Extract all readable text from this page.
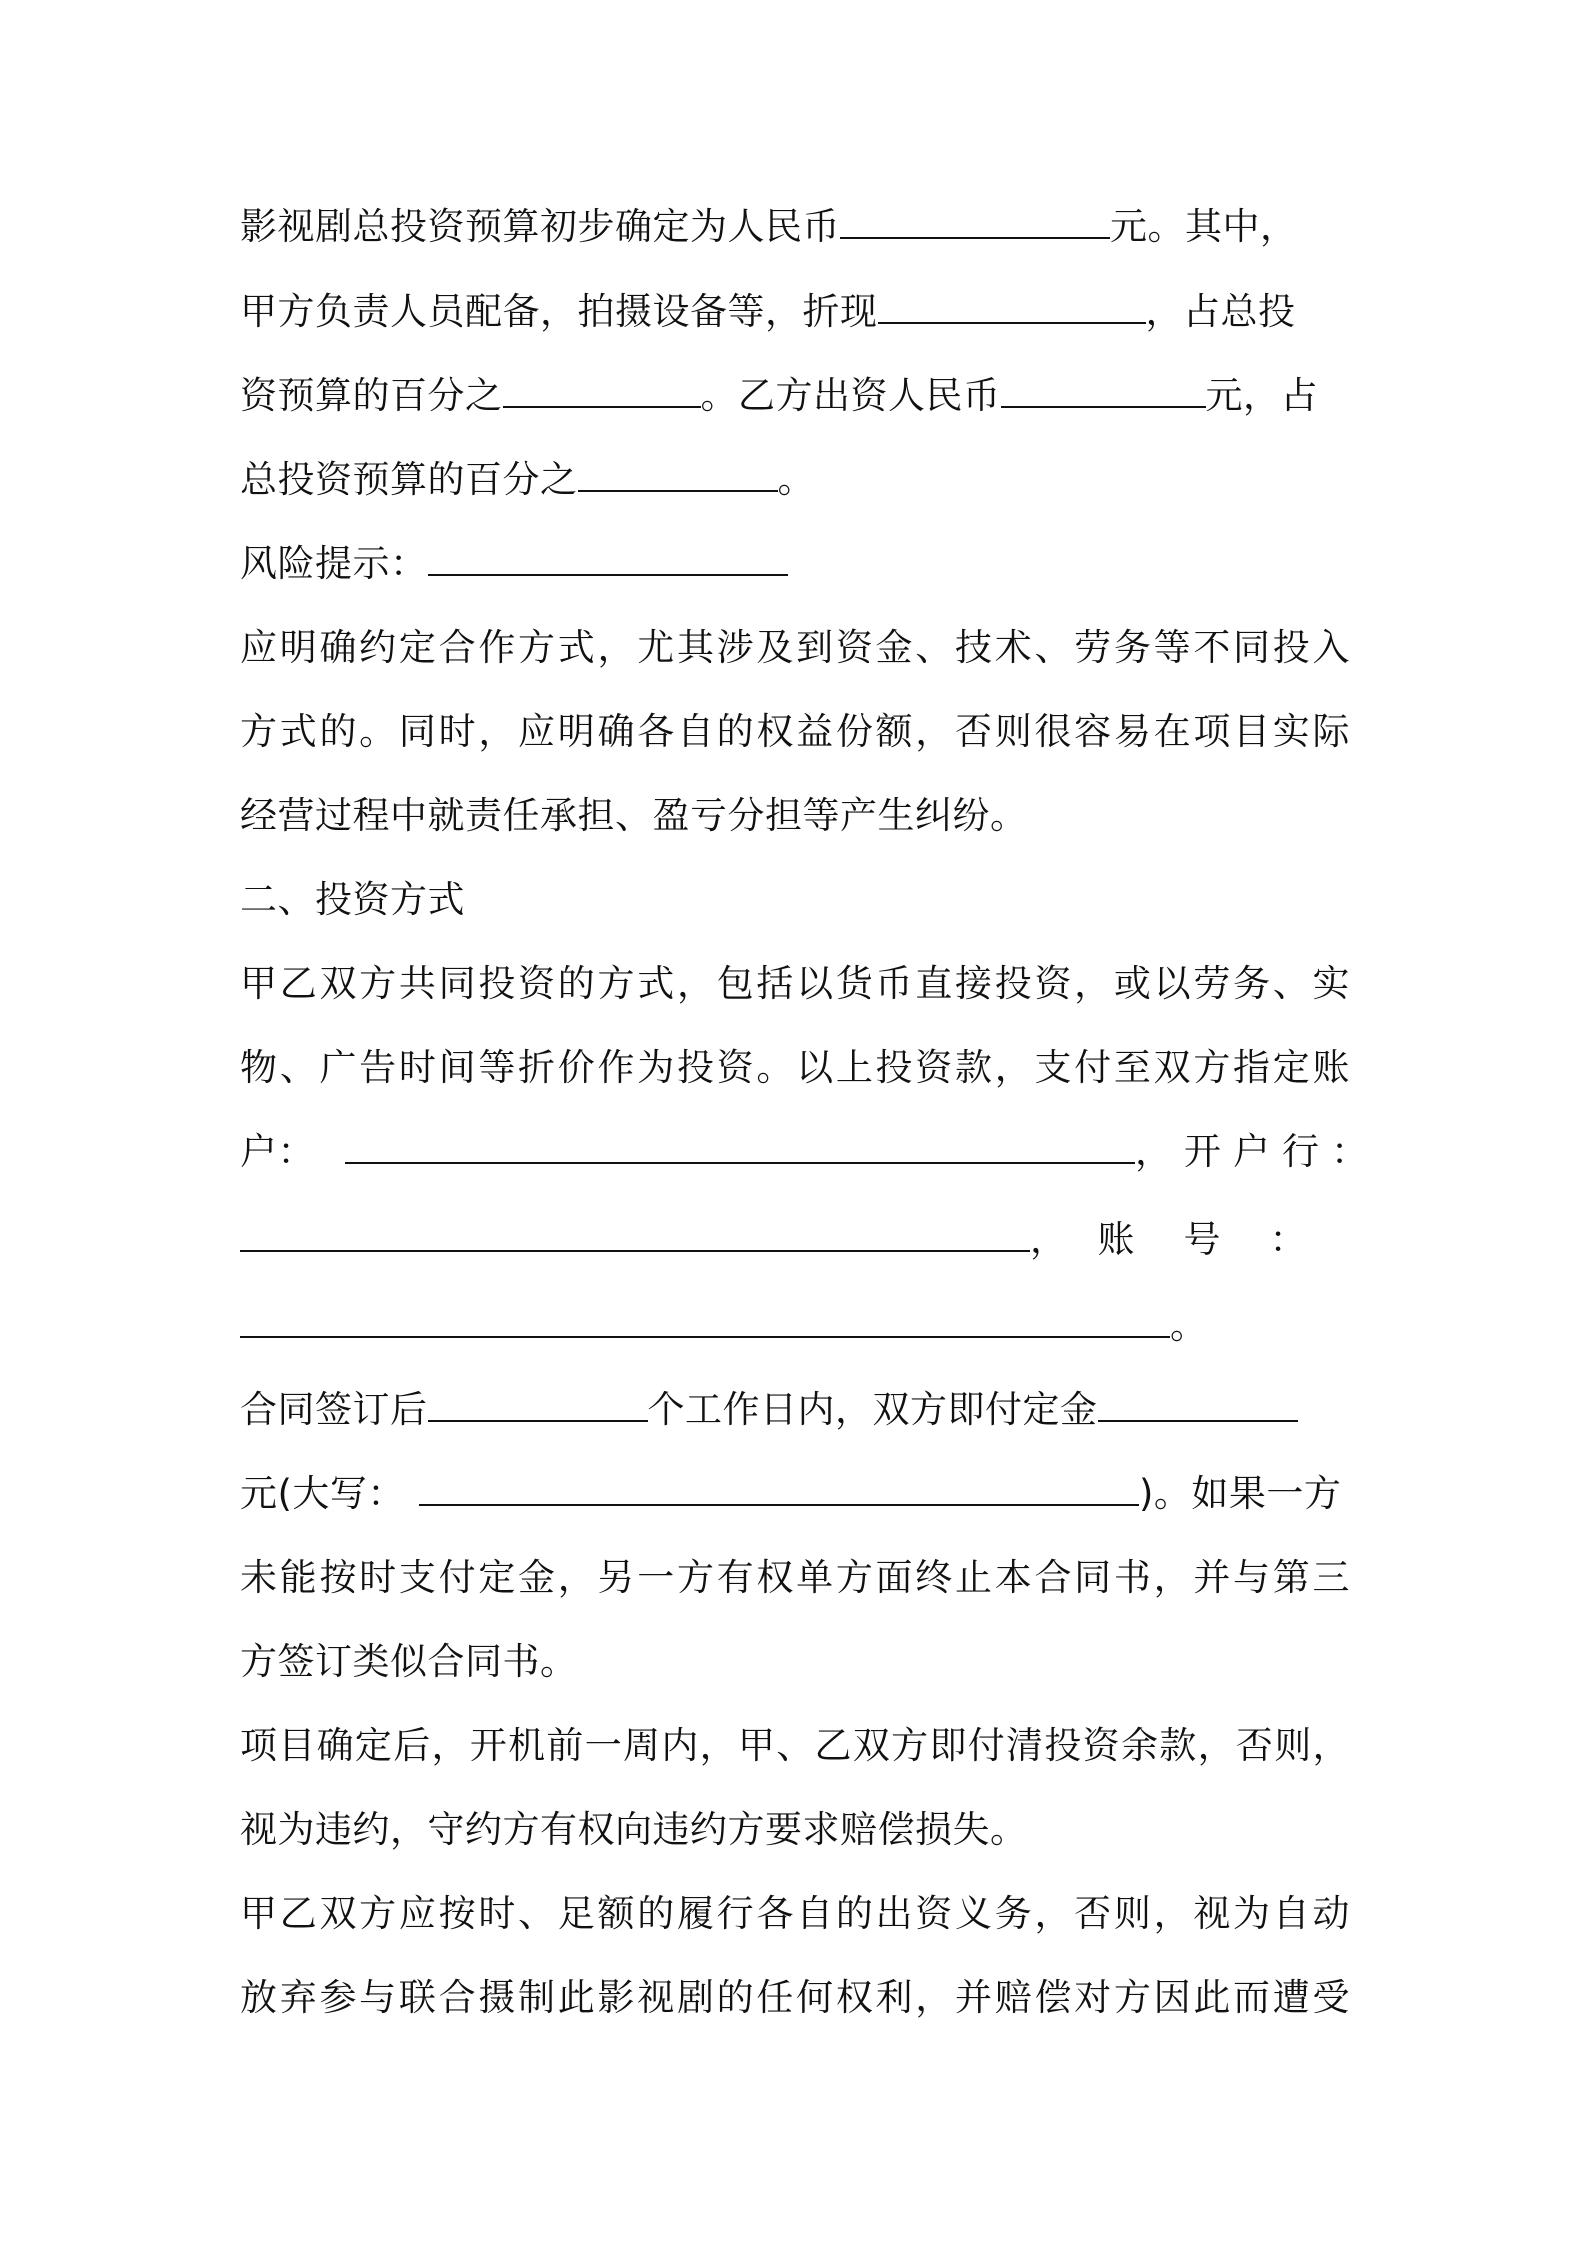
影视剧总投资预算初步确定为人民币	元。其中，
甲方负责人员配备，拍摄设备等，折现	，占总投
资预算的百分之	。乙方出资人民币	元，占
总投资预算的百分之	。
风险提示：
应明确约定合作方式，尤其涉及到资金、技术、劳务等不同投入
方式的。同时，应明确各自的权益份额，否则很容易在项目实际
经营过程中就责任承担、盈亏分担等产生纠纷。
二、投资方式
甲乙双方共同投资的方式，包括以货币直接投资，或以劳务、实
物、广告时间等折价作为投资。以上投资款，支付至双方指定账
户：	，开户行：
，　账　号　：
。
合同签订后	个工作日内，双方即付定金
元(大写：	)。如果一方
未能按时支付定金，另一方有权单方面终止本合同书，并与第三
方签订类似合同书。
项目确定后，开机前一周内，甲、乙双方即付清投资余款，否则，
视为违约，守约方有权向违约方要求赔偿损失。
甲乙双方应按时、足额的履行各自的出资义务，否则，视为自动
放弃参与联合摄制此影视剧的任何权利，并赔偿对方因此而遭受
